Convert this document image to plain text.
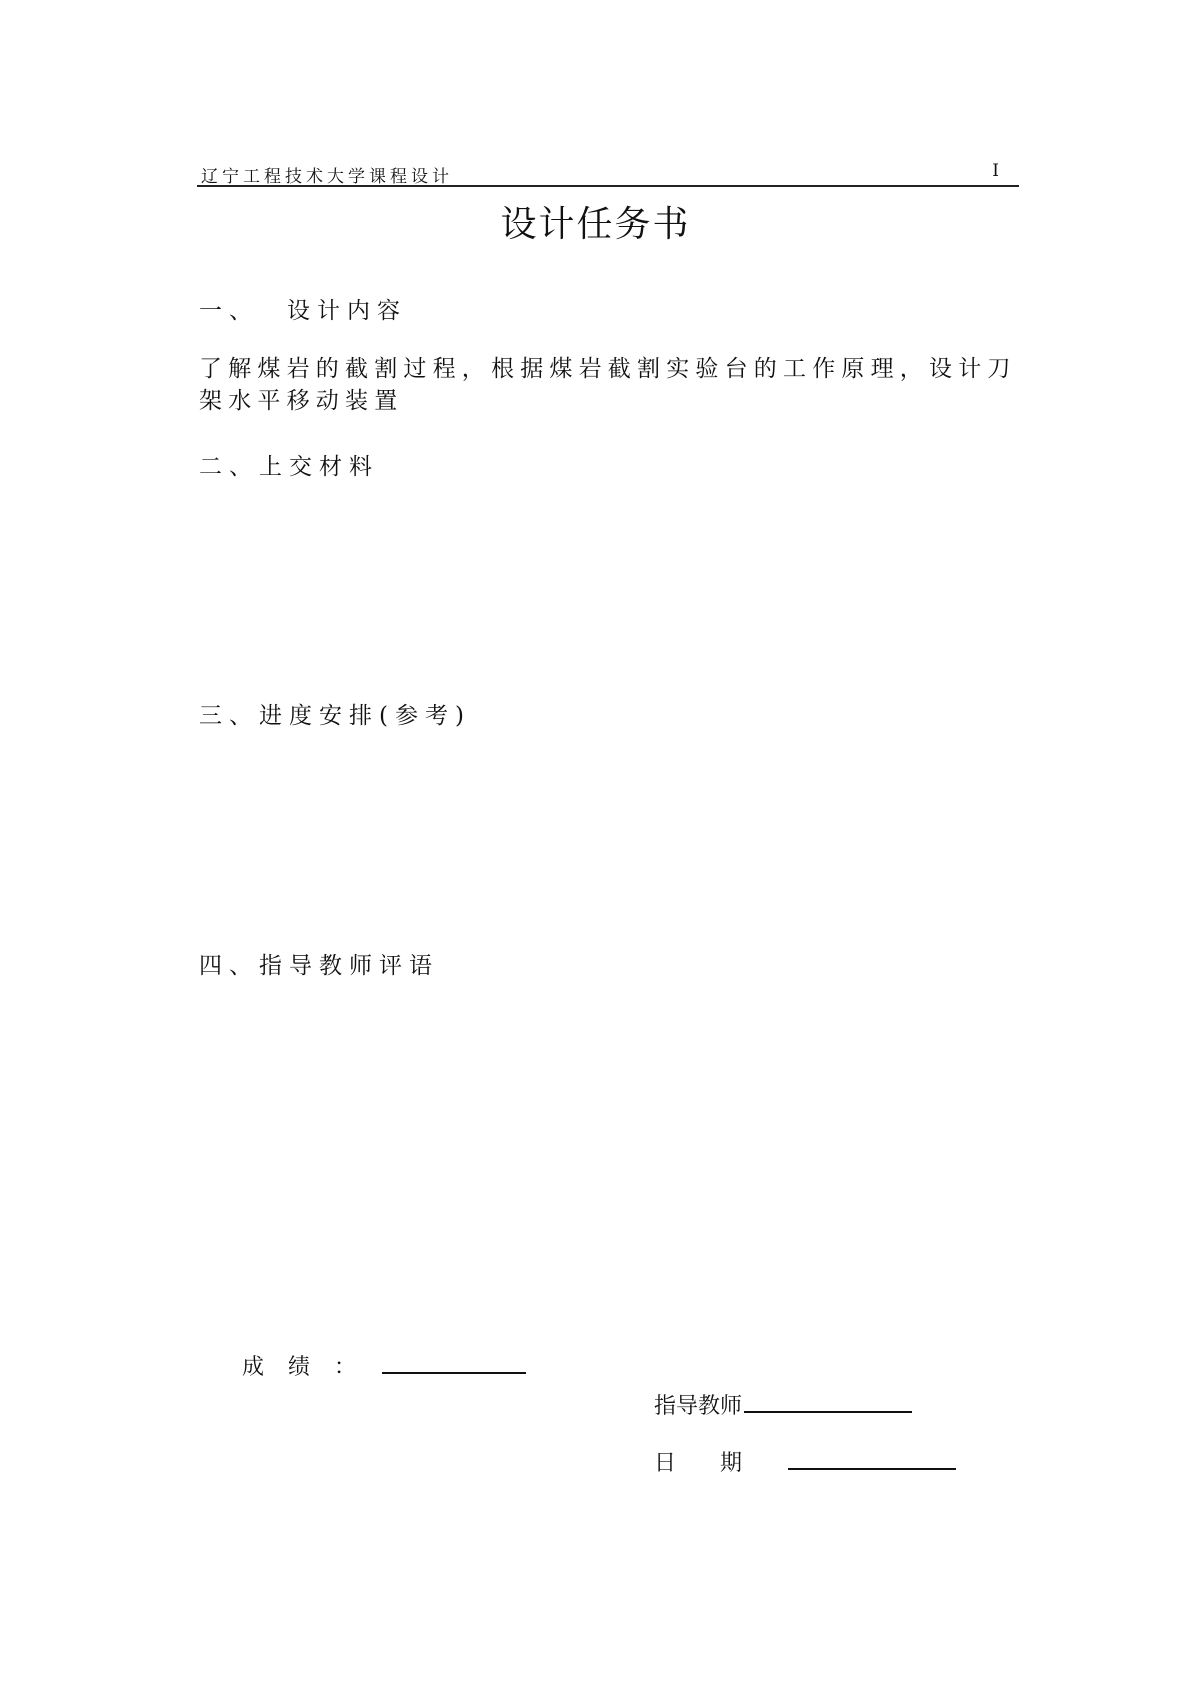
辽宁工程技术大学课程设计	I
设计任务书
一、 设计内容
了解煤岩的截割过程，根据煤岩截割实验台的工作原理，设计刀架水平移动装置
二、上交材料
三、进度安排(参考)
四、指导教师评语
成绩：
指导教师
日期
